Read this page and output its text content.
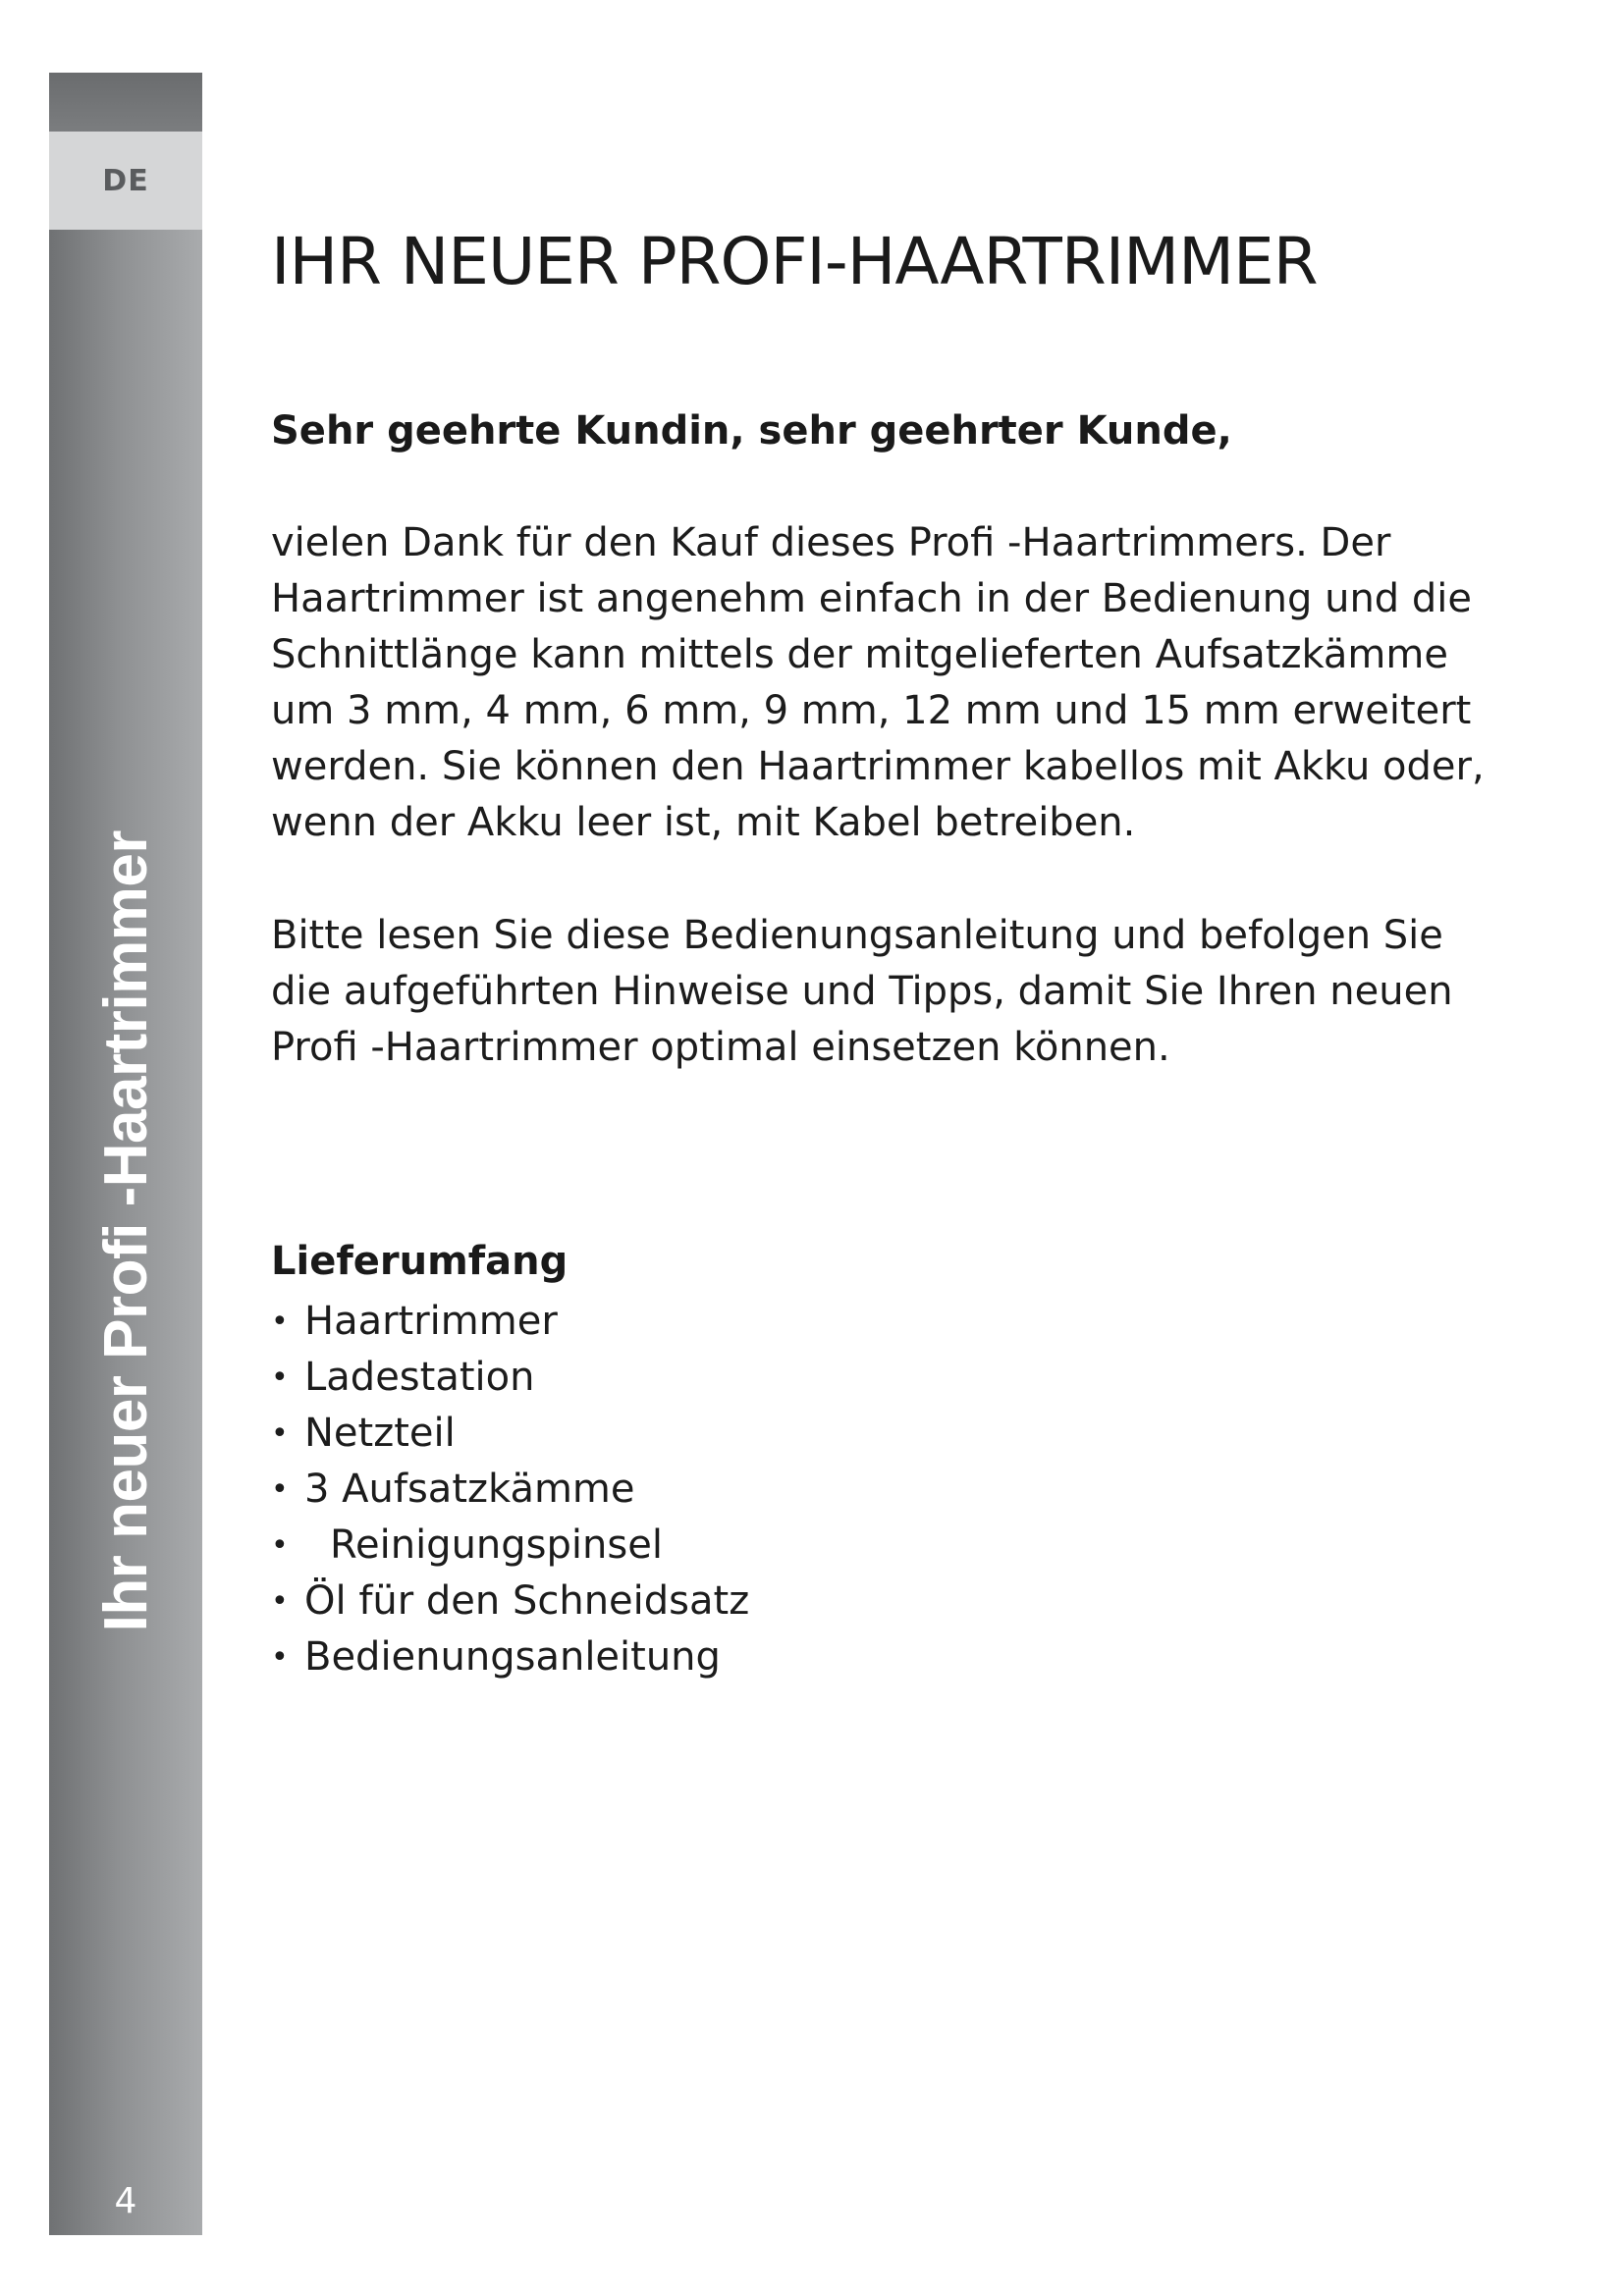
DE
Ihr neuer Profi -Haartrimmer
4
IHR NEUER PROFI-HAARTRIMMER

Sehr geehrte Kundin, sehr geehrter Kunde,

vielen Dank für den Kauf dieses Profi -Haartrimmers. Der Haartrimmer ist angenehm einfach in der Bedienung und die Schnittlänge kann mittels der mitgelieferten Aufsatzkämme um 3 mm, 4 mm, 6 mm, 9 mm, 12 mm und 15 mm erweitert werden. Sie können den Haartrimmer kabellos mit Akku oder, wenn der Akku leer ist, mit Kabel betreiben.

Bitte lesen Sie diese Bedienungsanleitung und befolgen Sie die aufgeführten Hinweise und Tipps, damit Sie Ihren neuen Profi -Haartrimmer optimal einsetzen können.

Lieferumfang
• Haartrimmer
• Ladestation
• Netzteil
• 3 Aufsatzkämme
•	Reinigungspinsel
• Öl für den Schneidsatz
• Bedienungsanleitung
